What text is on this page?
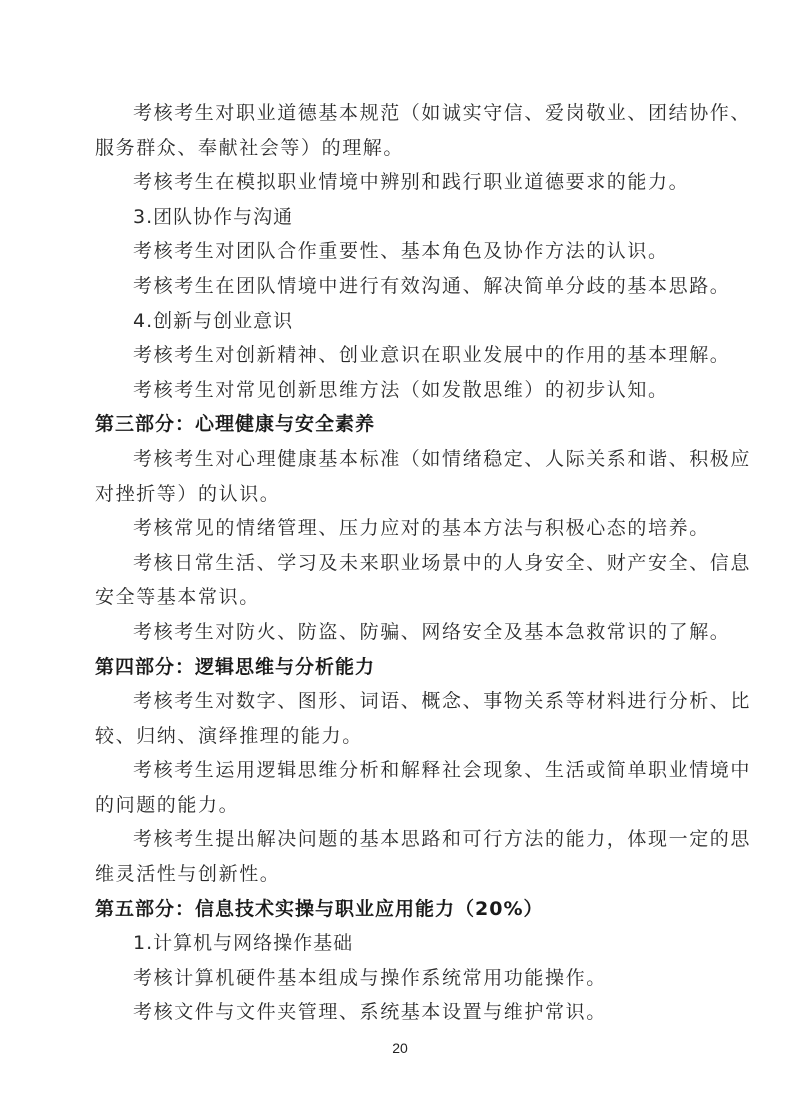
考核考生对职业道德基本规范（如诚实守信、爱岗敬业、团结协作、
服务群众、奉献社会等）的理解。
考核考生在模拟职业情境中辨别和践行职业道德要求的能力。
3.团队协作与沟通
考核考生对团队合作重要性、基本角色及协作方法的认识。
考核考生在团队情境中进行有效沟通、解决简单分歧的基本思路。
4.创新与创业意识
考核考生对创新精神、创业意识在职业发展中的作用的基本理解。
考核考生对常见创新思维方法（如发散思维）的初步认知。
第三部分：心理健康与安全素养
考核考生对心理健康基本标准（如情绪稳定、人际关系和谐、积极应
对挫折等）的认识。
考核常见的情绪管理、压力应对的基本方法与积极心态的培养。
考核日常生活、学习及未来职业场景中的人身安全、财产安全、信息
安全等基本常识。
考核考生对防火、防盗、防骗、网络安全及基本急救常识的了解。
第四部分：逻辑思维与分析能力
考核考生对数字、图形、词语、概念、事物关系等材料进行分析、比
较、归纳、演绎推理的能力。
考核考生运用逻辑思维分析和解释社会现象、生活或简单职业情境中
的问题的能力。
考核考生提出解决问题的基本思路和可行方法的能力，体现一定的思
维灵活性与创新性。
第五部分：信息技术实操与职业应用能力（20%）
1.计算机与网络操作基础
考核计算机硬件基本组成与操作系统常用功能操作。
考核文件与文件夹管理、系统基本设置与维护常识。
20
